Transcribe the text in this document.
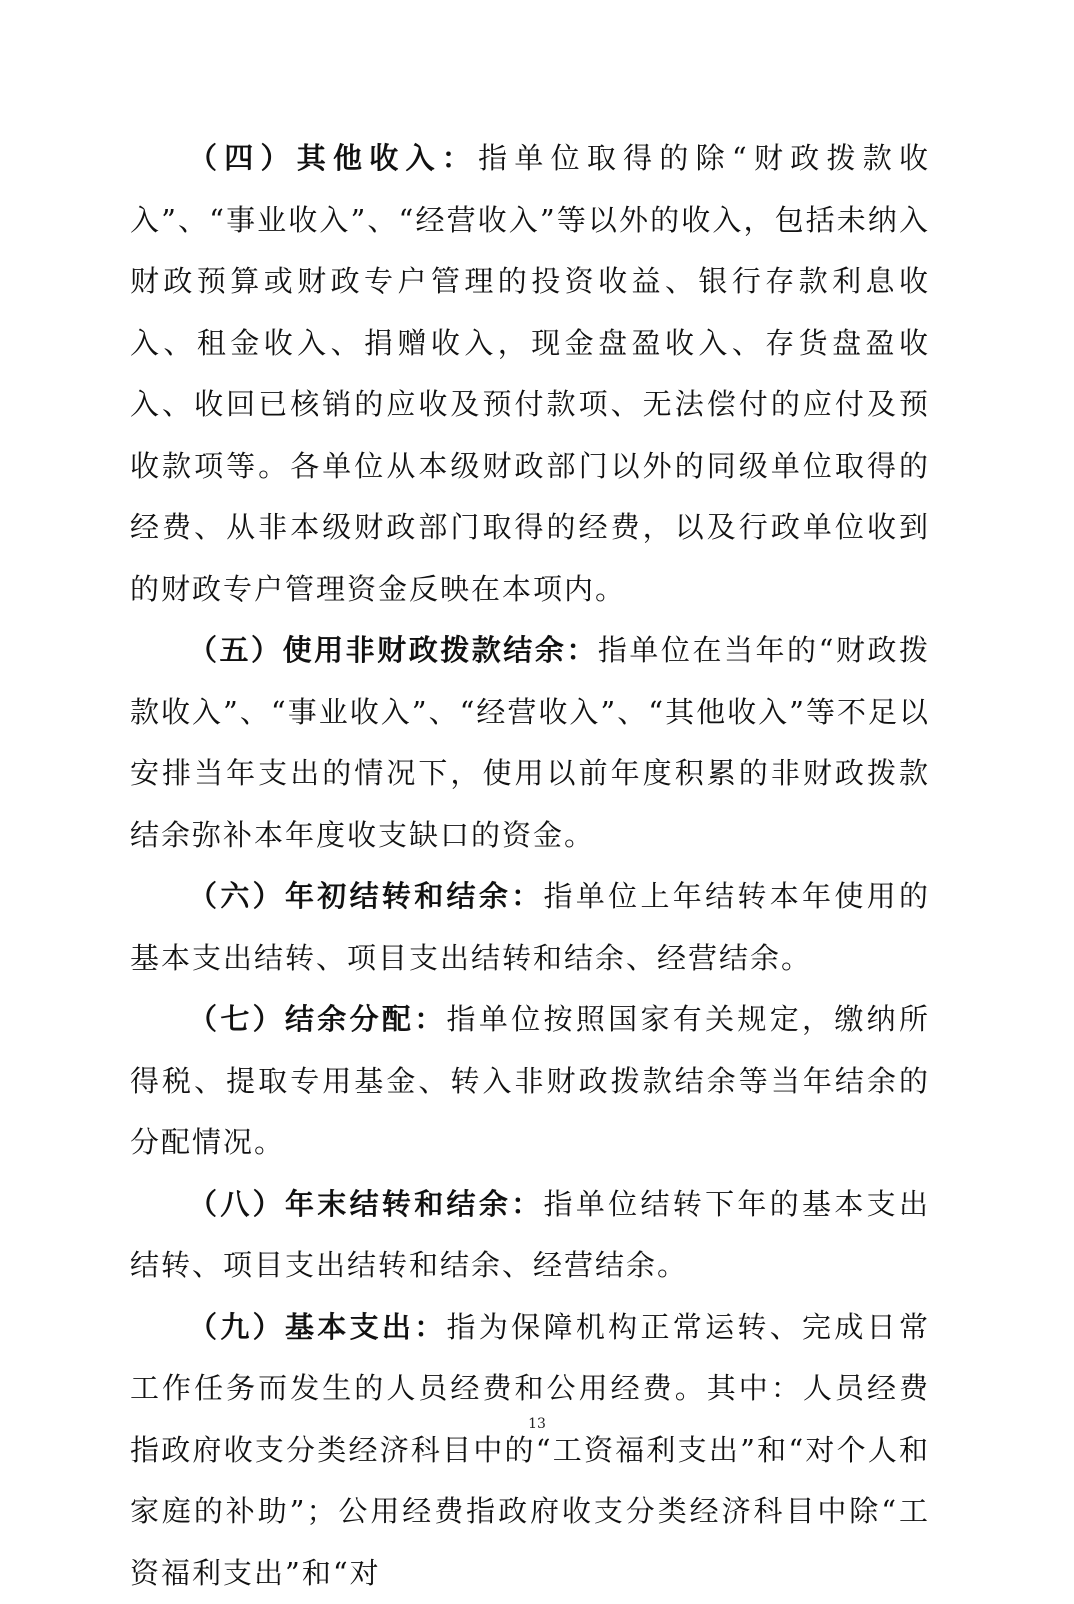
（四）其他收入：指单位取得的除“财政拨款收入”、“事业收入”、“经营收入”等以外的收入，包括未纳入财政预算或财政专户管理的投资收益、银行存款利息收入、租金收入、捐赠收入，现金盘盈收入、存货盘盈收入、收回已核销的应收及预付款项、无法偿付的应付及预收款项等。各单位从本级财政部门以外的同级单位取得的经费、从非本级财政部门取得的经费，以及行政单位收到的财政专户管理资金反映在本项内。

（五）使用非财政拨款结余：指单位在当年的“财政拨款收入”、“事业收入”、“经营收入”、“其他收入”等不足以安排当年支出的情况下，使用以前年度积累的非财政拨款结余弥补本年度收支缺口的资金。

（六）年初结转和结余：指单位上年结转本年使用的基本支出结转、项目支出结转和结余、经营结余。

（七）结余分配：指单位按照国家有关规定，缴纳所得税、提取专用基金、转入非财政拨款结余等当年结余的分配情况。

（八）年末结转和结余：指单位结转下年的基本支出结转、项目支出结转和结余、经营结余。

（九）基本支出：指为保障机构正常运转、完成日常工作任务而发生的人员经费和公用经费。其中：人员经费指政府收支分类经济科目中的“工资福利支出”和“对个人和家庭的补助”；公用经费指政府收支分类经济科目中除“工资福利支出”和“对

13
